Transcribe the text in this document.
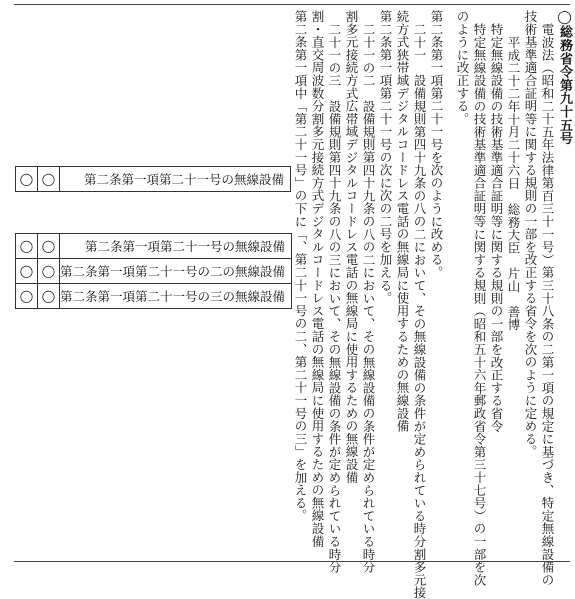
◯総務省令第九十五号
電波法（昭和二十五年法律第百三十一号）第三十八条の二第一項の規定に基づき、特定無線設備の
技術基準適合証明等に関する規則の一部を改正する省令を次のように定める。
平成二十二年十月二十六日総務大臣　片山　善博
特定無線設備の技術基準適合証明等に関する規則の一部を改正する省令
特定無線設備の技術基準適合証明等に関する規則（昭和五十六年郵政省令第三十七号）の一部を次
のように改正する。
第二条第一項第二十一号を次のように改める。
二十一　設備規則第四十九条の八の二において、その無線設備の条件が定められている時分割多元接
続方式狭帯域デジタルコードレス電話の無線局に使用するための無線設備
第二条第一項第二十一号の次に次の二号を加える。
二十一の二　設備規則第四十九条の八の二において、その無線設備の条件が定められている時分
割多元接続方式広帯域デジタルコードレス電話の無線局に使用するための無線設備
二十一の三　設備規則第四十九条の八の三において、その無線設備の条件が定められている時分
割・直交周波数分割多元接続方式デジタルコードレス電話の無線局に使用するための無線設備
第二条第一項中「第二十一号」の下に「、第二十一号の二、第二十一号の三」を加える。
◯	◯	第二条第一項第二十一号の無線設備
◯	◯	第二条第一項第二十一号の無線設備
◯	◯	第二条第一項第二十一号の二の無線設備
◯	◯	第二条第一項第二十一号の三の無線設備
